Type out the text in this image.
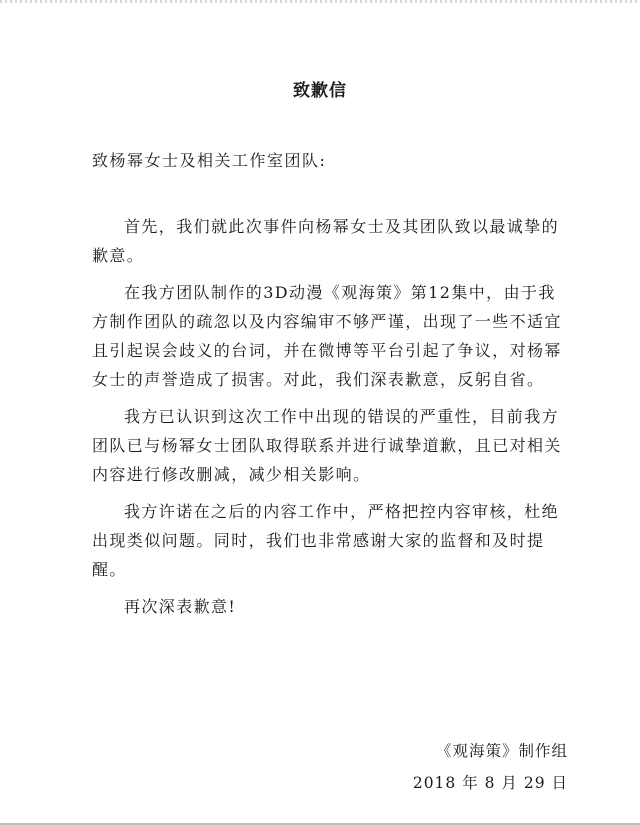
致歉信
致杨幂女士及相关工作室团队:

首先，我们就此次事件向杨幂女士及其团队致以最诚挚的歉意。

在我方团队制作的3D动漫《观海策》第12集中，由于我方制作团队的疏忽以及内容编审不够严谨，出现了一些不适宜且引起误会歧义的台词，并在微博等平台引起了争议，对杨幂女士的声誉造成了损害。对此，我们深表歉意，反躬自省。

我方已认识到这次工作中出现的错误的严重性，目前我方团队已与杨幂女士团队取得联系并进行诚挚道歉，且已对相关内容进行修改删减，减少相关影响。

我方许诺在之后的内容工作中，严格把控内容审核，杜绝出现类似问题。同时，我们也非常感谢大家的监督和及时提醒。

再次深表歉意!

《观海策》制作组
2018 年 8 月 29 日
